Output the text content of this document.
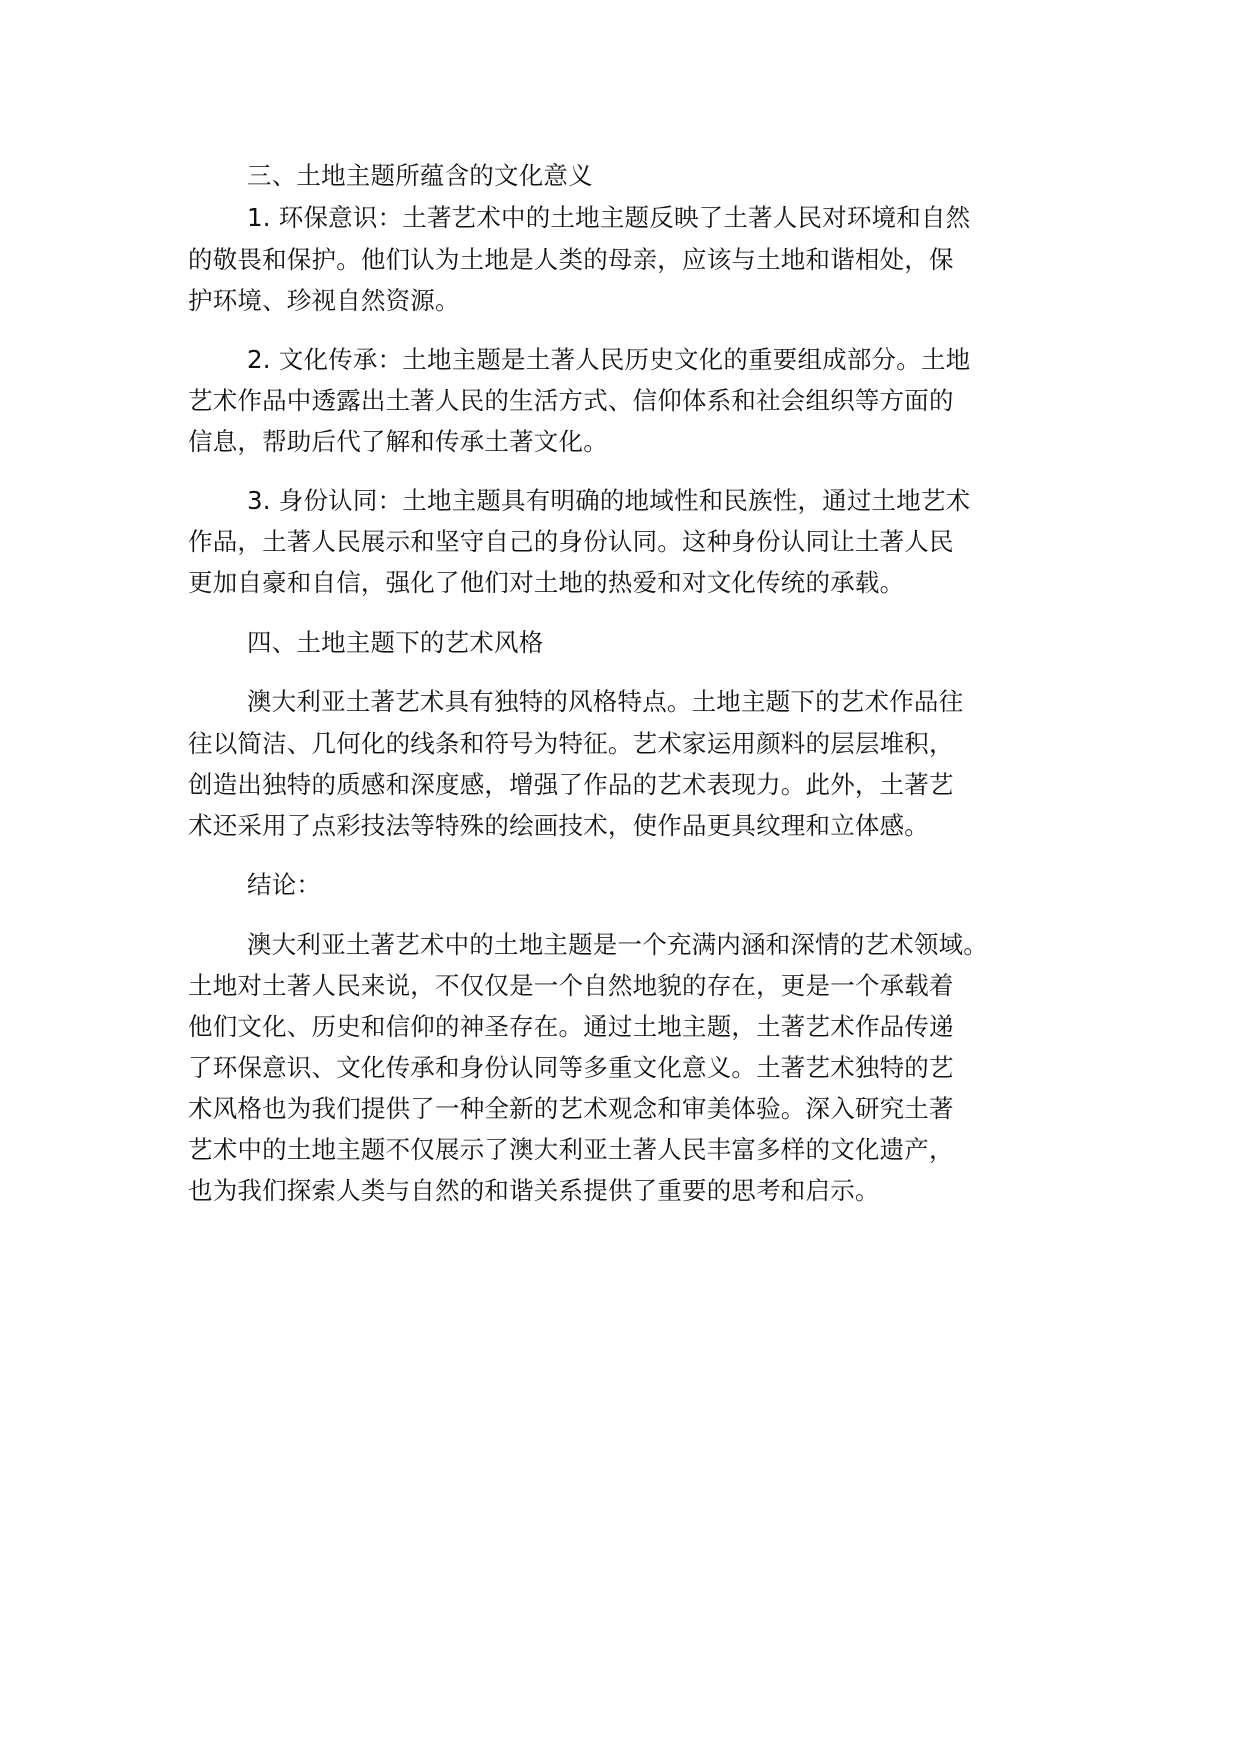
三、土地主题所蕴含的文化意义
1. 环保意识：土著艺术中的土地主题反映了土著人民对环境和自然
的敬畏和保护。他们认为土地是人类的母亲，应该与土地和谐相处，保
护环境、珍视自然资源。
2. 文化传承：土地主题是土著人民历史文化的重要组成部分。土地
艺术作品中透露出土著人民的生活方式、信仰体系和社会组织等方面的
信息，帮助后代了解和传承土著文化。
3. 身份认同：土地主题具有明确的地域性和民族性，通过土地艺术
作品，土著人民展示和坚守自己的身份认同。这种身份认同让土著人民
更加自豪和自信，强化了他们对土地的热爱和对文化传统的承载。
四、土地主题下的艺术风格
澳大利亚土著艺术具有独特的风格特点。土地主题下的艺术作品往
往以简洁、几何化的线条和符号为特征。艺术家运用颜料的层层堆积，
创造出独特的质感和深度感，增强了作品的艺术表现力。此外，土著艺
术还采用了点彩技法等特殊的绘画技术，使作品更具纹理和立体感。
结论：
澳大利亚土著艺术中的土地主题是一个充满内涵和深情的艺术领域。
土地对土著人民来说，不仅仅是一个自然地貌的存在，更是一个承载着
他们文化、历史和信仰的神圣存在。通过土地主题，土著艺术作品传递
了环保意识、文化传承和身份认同等多重文化意义。土著艺术独特的艺
术风格也为我们提供了一种全新的艺术观念和审美体验。深入研究土著
艺术中的土地主题不仅展示了澳大利亚土著人民丰富多样的文化遗产，
也为我们探索人类与自然的和谐关系提供了重要的思考和启示。
